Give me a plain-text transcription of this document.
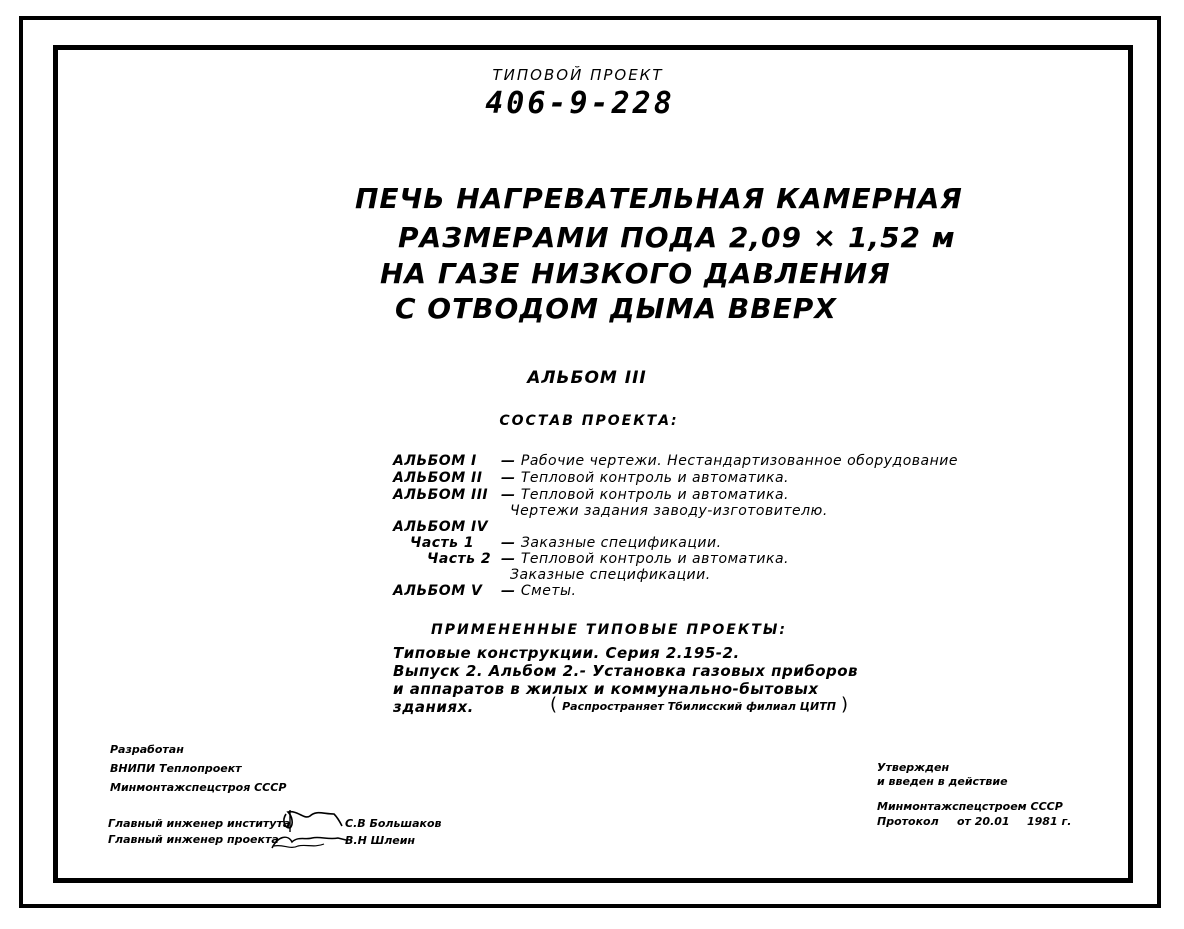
ТИПОВОЙ ПРОЕКТ
406-9-228
ПЕЧЬ НАГРЕВАТЕЛЬНАЯ КАМЕРНАЯ
РАЗМЕРАМИ ПОДА 2,09 × 1,52 м
НА ГАЗЕ НИЗКОГО ДАВЛЕНИЯ
С ОТВОДОМ ДЫМА ВВЕРХ
АЛЬБОМ III
СОСТАВ ПРОЕКТА:
АЛЬБОМ I — Рабочие чертежи. Нестандартизованное оборудование
АЛЬБОМ II — Тепловой контроль и автоматика.
АЛЬБОМ III — Тепловой контроль и автоматика.
Чертежи задания заводу-изготовителю.
АЛЬБОМ IV
Часть 1 — Заказные спецификации.
Часть 2 — Тепловой контроль и автоматика.
Заказные спецификации.
АЛЬБОМ V — Сметы.
ПРИМЕНЕННЫЕ ТИПОВЫЕ ПРОЕКТЫ:
Типовые конструкции. Серия 2.195-2.
Выпуск 2. Альбом 2.- Установка газовых приборов
и аппаратов в жилых и коммунально-бытовых
зданиях.	( Распространяет Тбилисский филиал ЦИТП )
Разработан
ВНИПИ Теплопроект
Минмонтажспецстроя СССР
Главный инженер института
Главный инженер проекта
С.В Большаков
В.Н Шлеин
Утвержден
и введен в действие
Минмонтажспецстроем СССР
Протокол от 20.01 1981 г.
